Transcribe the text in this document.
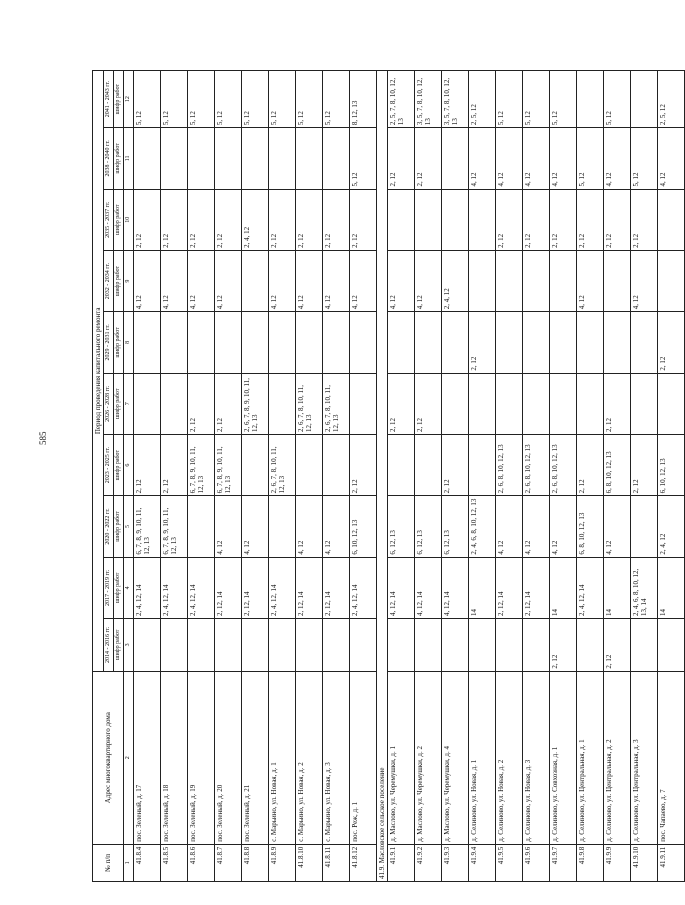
585
№ п/п	Адрес многоквартирного дома	Период проведения капитального ремонта									
		2014 - 2016 гг.	2017 - 2019 гг.	2020 - 2022 гг.	2023 - 2025 гг.	2026 - 2028 гг.	2029 - 2031 гг.	2032 - 2034 гг.	2035 - 2037 гг.	2038 - 2040 гг.	2041 - 2043 гг.
		шифр работ	шифр работ	шифр работ	шифр работ	шифр работ	шифр работ	шифр работ	шифр работ	шифр работ	шифр работ
1	2	3	4	5	6	7	8	9	10	11	12
41.8.4	пос. Зеленый, д. 17		2, 4, 12, 14	6, 7, 8, 9, 10, 11, 12, 13	2, 12			4, 12	2, 12		5, 12
41.8.5	пос. Зеленый, д. 18		2, 4, 12, 14	6, 7, 8, 9, 10, 11, 12, 13	2, 12			4, 12	2, 12		5, 12
41.8.6	пос. Зеленый, д. 19		2, 4, 12, 14		6, 7, 8, 9, 10, 11, 12, 13	2, 12		4, 12	2, 12		5, 12
41.8.7	пос. Зеленый, д. 20		2, 12, 14	4, 12	6, 7, 8, 9, 10, 11, 12, 13	2, 12		4, 12	2, 12		5, 12
41.8.8	пос. Зеленый, д. 21		2, 12, 14	4, 12		2, 6, 7, 8, 9, 10, 11, 12, 13			2, 4, 12		5, 12
41.8.9	с. Марьино, ул. Новая, д. 1		2, 4, 12, 14		2, 6, 7, 8, 10, 11, 12, 13			4, 12	2, 12		5, 12
41.8.10	с. Марьино, ул. Новая, д. 2		2, 12, 14	4, 12		2, 6, 7, 8, 10, 11, 12, 13		4, 12	2, 12		5, 12
41.8.11	с. Марьино, ул. Новая, д. 3		2, 12, 14	4, 12		2, 6, 7, 8, 10, 11, 12, 13		4, 12	2, 12		5, 12
41.8.12	пос. Реж, д. 1		2, 4, 12, 14	6, 10, 12, 13	2, 12			4, 12	2, 12	5, 12	8, 12, 13
41.9. Масловское сельское поселение											
41.9.1	д. Маслово, ул. Черемушки, д. 1		4, 12, 14	6, 12, 13		2, 12		4, 12		2, 12	2, 5, 7, 8, 10, 12, 13
41.9.2	д. Маслово, ул. Черемушки, д. 2		4, 12, 14	6, 12, 13		2, 12		4, 12		2, 12	3, 5, 7, 8, 10, 12, 13
41.9.3	д. Маслово, ул. Черемушки, д. 4		4, 12, 14	6, 12, 13	2, 12			2, 4, 12			3, 5, 7, 8, 10, 12, 13
41.9.4	д. Селиново, ул. Новая, д. 1		14	2, 4, 6, 8, 10, 12, 13			2, 12			4, 12	2, 5, 12
41.9.5	д. Селиново, ул. Новая, д. 2		2, 12, 14	4, 12	2, 6, 8, 10, 12, 13				2, 12	4, 12	5, 12
41.9.6	д. Селиново, ул. Новая, д. 3		2, 12, 14	4, 12	2, 6, 8, 10, 12, 13				2, 12	4, 12	5, 12
41.9.7	д. Селиново, ул. Совхозная, д. 1	2, 12	14	4, 12	2, 6, 8, 10, 12, 13				2, 12	4, 12	5, 12
41.9.8	д. Селиново, ул. Центральная, д. 1		2, 4, 12, 14	6, 8, 10, 12, 13	2, 12			4, 12	2, 12	5, 12	
41.9.9	д. Селиново, ул. Центральная, д. 2	2, 12	14	4, 12	6, 8, 10, 12, 13	2, 12			2, 12	4, 12	5, 12
41.9.10	д. Селиново, ул. Центральная, д. 3		2, 4, 6, 8, 10, 12, 13, 14		2, 12			4, 12	2, 12	5, 12	
41.9.11	пос. Чапаево, д. 7		14	2, 4, 12	6, 10, 12, 13		2, 12			4, 12	2, 5, 12
